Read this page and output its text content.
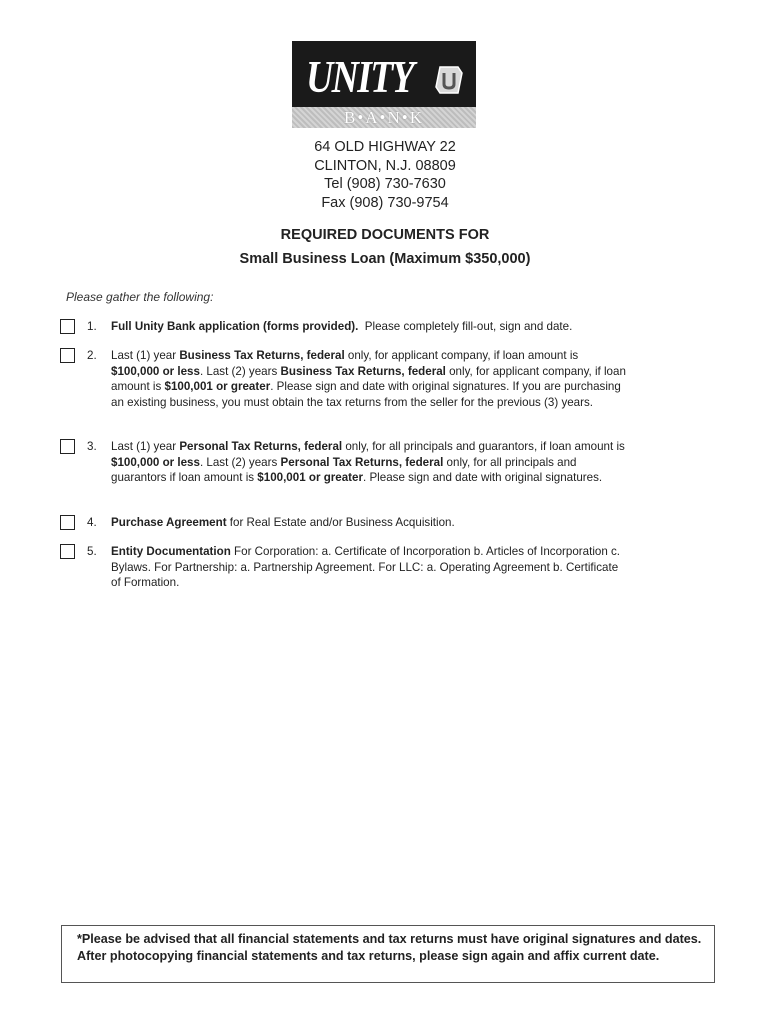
UNITY
B•A•N•K
64 OLD HIGHWAY 22
CLINTON, N.J. 08809
Tel (908) 730-7630
Fax (908) 730-9754
REQUIRED DOCUMENTS FOR
Small Business Loan (Maximum $350,000)
Please gather the following:
1.	Full Unity Bank application (forms provided).  Please completely fill-out, sign and date.
2.	Last (1) year Business Tax Returns, federal only, for applicant company, if loan amount is $100,000 or less. Last (2) years Business Tax Returns, federal only, for applicant company, if loan amount is $100,001 or greater. Please sign and date with original signatures. If you are purchasing an existing business, you must obtain the tax returns from the seller for the previous (3) years.
3.	Last (1) year Personal Tax Returns, federal only, for all principals and guarantors, if loan amount is $100,000 or less. Last (2) years Personal Tax Returns, federal only, for all principals and guarantors if loan amount is $100,001 or greater. Please sign and date with original signatures.
4.	Purchase Agreement for Real Estate and/or Business Acquisition.
5.	Entity Documentation For Corporation: a. Certificate of Incorporation b. Articles of Incorporation c. Bylaws. For Partnership: a. Partnership Agreement. For LLC: a. Operating Agreement b. Certificate of Formation.
*Please be advised that all financial statements and tax returns must have original signatures and dates. After photocopying financial statements and tax returns, please sign again and affix current date.
